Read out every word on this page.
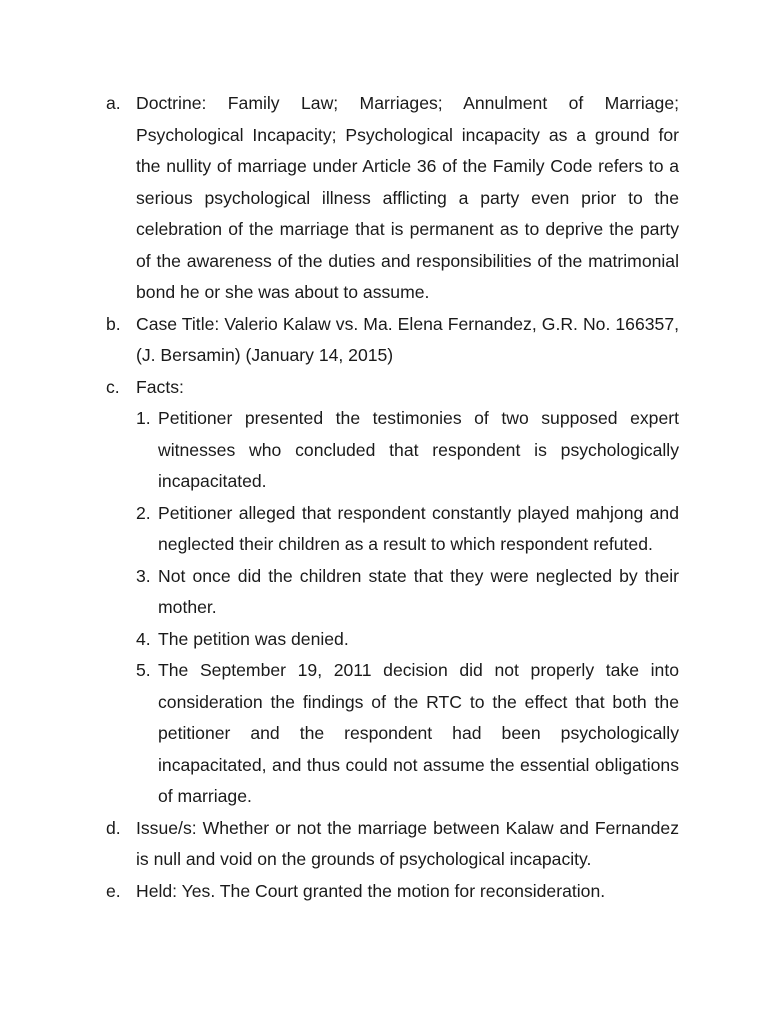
a. Doctrine: Family Law; Marriages; Annulment of Marriage; Psychological Incapacity; Psychological incapacity as a ground for the nullity of marriage under Article 36 of the Family Code refers to a serious psychological illness afflicting a party even prior to the celebration of the marriage that is permanent as to deprive the party of the awareness of the duties and responsibilities of the matrimonial bond he or she was about to assume.
b. Case Title: Valerio Kalaw vs. Ma. Elena Fernandez, G.R. No. 166357, (J. Bersamin) (January 14, 2015)
c. Facts:
1. Petitioner presented the testimonies of two supposed expert witnesses who concluded that respondent is psychologically incapacitated.
2. Petitioner alleged that respondent constantly played mahjong and neglected their children as a result to which respondent refuted.
3. Not once did the children state that they were neglected by their mother.
4. The petition was denied.
5. The September 19, 2011 decision did not properly take into consideration the findings of the RTC to the effect that both the petitioner and the respondent had been psychologically incapacitated, and thus could not assume the essential obligations of marriage.
d. Issue/s: Whether or not the marriage between Kalaw and Fernandez is null and void on the grounds of psychological incapacity.
e. Held: Yes. The Court granted the motion for reconsideration.
